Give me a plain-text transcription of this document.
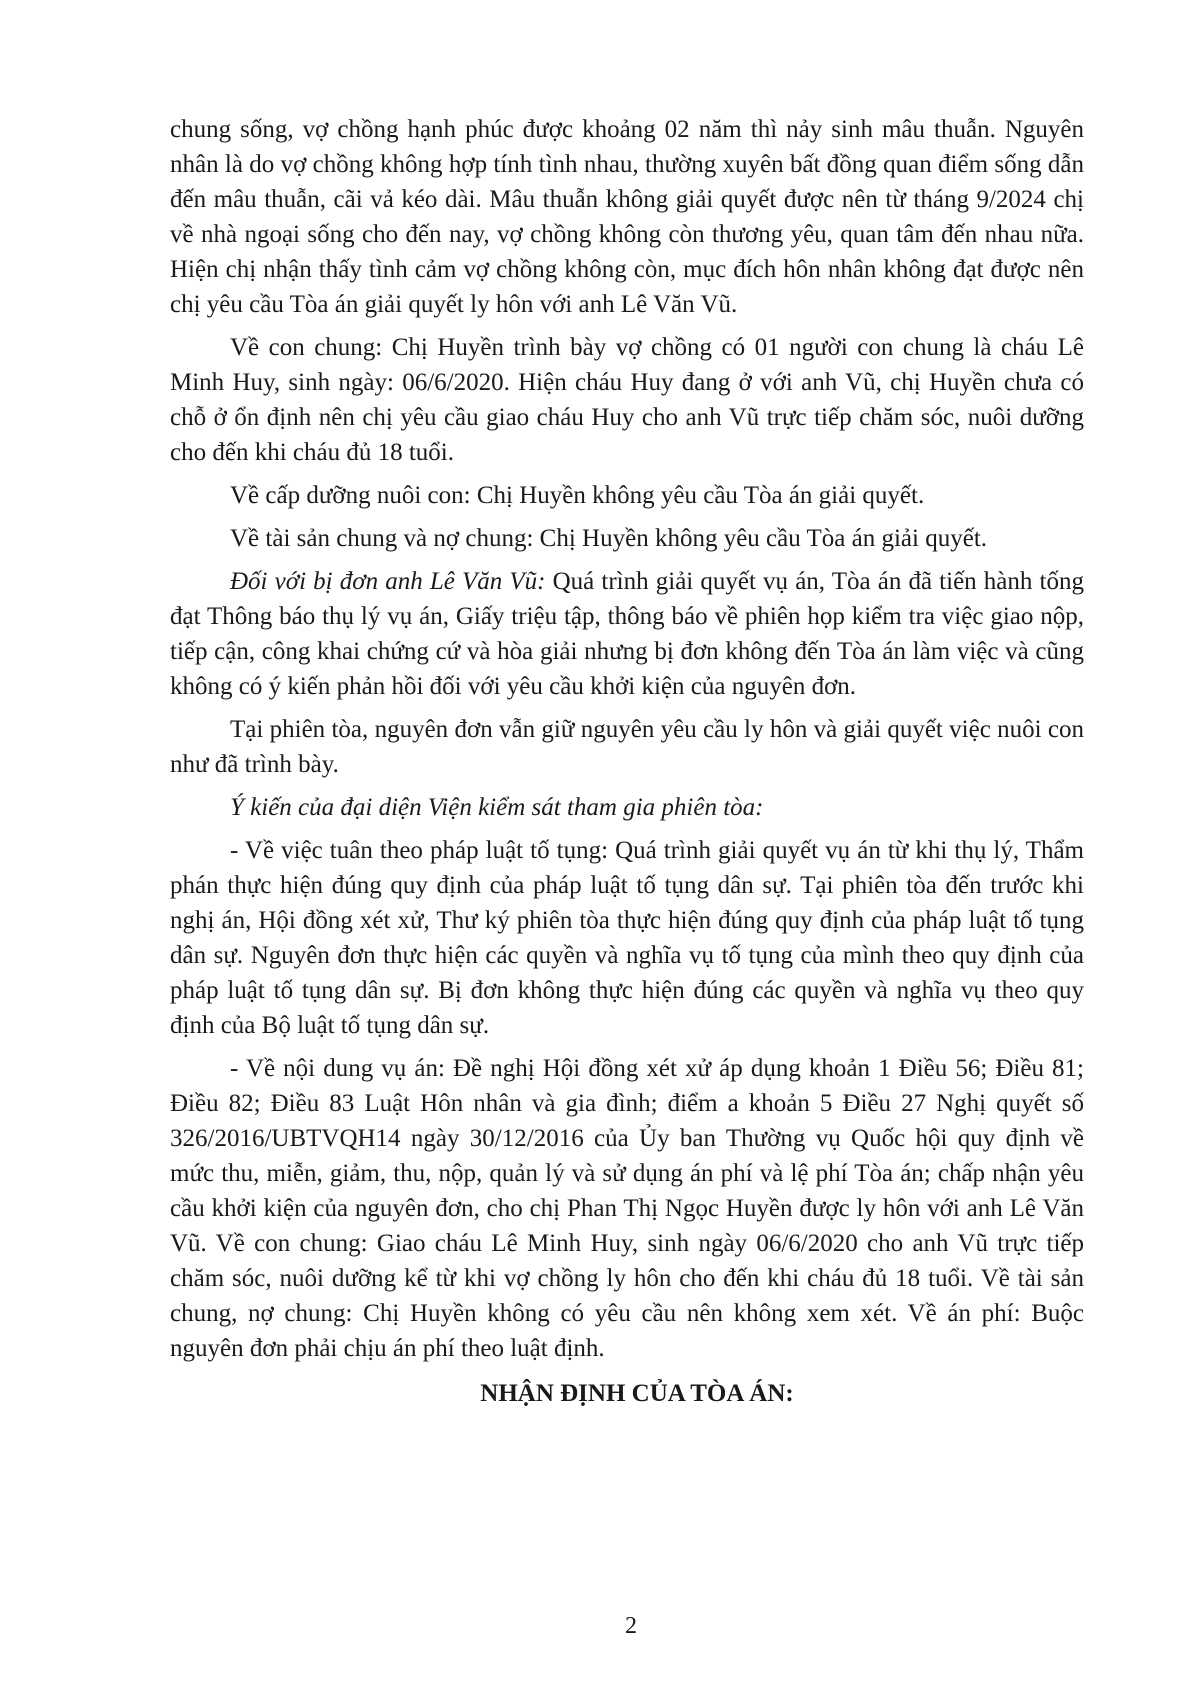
chung sống, vợ chồng hạnh phúc được khoảng 02 năm thì nảy sinh mâu thuẫn. Nguyên nhân là do vợ chồng không hợp tính tình nhau, thường xuyên bất đồng quan điểm sống dẫn đến mâu thuẫn, cãi vả kéo dài. Mâu thuẫn không giải quyết được nên từ tháng 9/2024 chị về nhà ngoại sống cho đến nay, vợ chồng không còn thương yêu, quan tâm đến nhau nữa. Hiện chị nhận thấy tình cảm vợ chồng không còn, mục đích hôn nhân không đạt được nên chị yêu cầu Tòa án giải quyết ly hôn với anh Lê Văn Vũ.

Về con chung: Chị Huyền trình bày vợ chồng có 01 người con chung là cháu Lê Minh Huy, sinh ngày: 06/6/2020. Hiện cháu Huy đang ở với anh Vũ, chị Huyền chưa có chỗ ở ổn định nên chị yêu cầu giao cháu Huy cho anh Vũ trực tiếp chăm sóc, nuôi dưỡng cho đến khi cháu đủ 18 tuổi.

Về cấp dưỡng nuôi con: Chị Huyền không yêu cầu Tòa án giải quyết.

Về tài sản chung và nợ chung: Chị Huyền không yêu cầu Tòa án giải quyết.

Đối với bị đơn anh Lê Văn Vũ: Quá trình giải quyết vụ án, Tòa án đã tiến hành tống đạt Thông báo thụ lý vụ án, Giấy triệu tập, thông báo về phiên họp kiểm tra việc giao nộp, tiếp cận, công khai chứng cứ và hòa giải nhưng bị đơn không đến Tòa án làm việc và cũng không có ý kiến phản hồi đối với yêu cầu khởi kiện của nguyên đơn.

Tại phiên tòa, nguyên đơn vẫn giữ nguyên yêu cầu ly hôn và giải quyết việc nuôi con như đã trình bày.

Ý kiến của đại diện Viện kiểm sát tham gia phiên tòa:

- Về việc tuân theo pháp luật tố tụng: Quá trình giải quyết vụ án từ khi thụ lý, Thẩm phán thực hiện đúng quy định của pháp luật tố tụng dân sự. Tại phiên tòa đến trước khi nghị án, Hội đồng xét xử, Thư ký phiên tòa thực hiện đúng quy định của pháp luật tố tụng dân sự. Nguyên đơn thực hiện các quyền và nghĩa vụ tố tụng của mình theo quy định của pháp luật tố tụng dân sự. Bị đơn không thực hiện đúng các quyền và nghĩa vụ theo quy định của Bộ luật tố tụng dân sự.

- Về nội dung vụ án: Đề nghị Hội đồng xét xử áp dụng khoản 1 Điều 56; Điều 81; Điều 82; Điều 83 Luật Hôn nhân và gia đình; điểm a khoản 5 Điều 27 Nghị quyết số 326/2016/UBTVQH14 ngày 30/12/2016 của Ủy ban Thường vụ Quốc hội quy định về mức thu, miễn, giảm, thu, nộp, quản lý và sử dụng án phí và lệ phí Tòa án; chấp nhận yêu cầu khởi kiện của nguyên đơn, cho chị Phan Thị Ngọc Huyền được ly hôn với anh Lê Văn Vũ. Về con chung: Giao cháu Lê Minh Huy, sinh ngày 06/6/2020 cho anh Vũ trực tiếp chăm sóc, nuôi dưỡng kể từ khi vợ chồng ly hôn cho đến khi cháu đủ 18 tuổi. Về tài sản chung, nợ chung: Chị Huyền không có yêu cầu nên không xem xét. Về án phí: Buộc nguyên đơn phải chịu án phí theo luật định.

NHẬN ĐỊNH CỦA TÒA ÁN:
2
